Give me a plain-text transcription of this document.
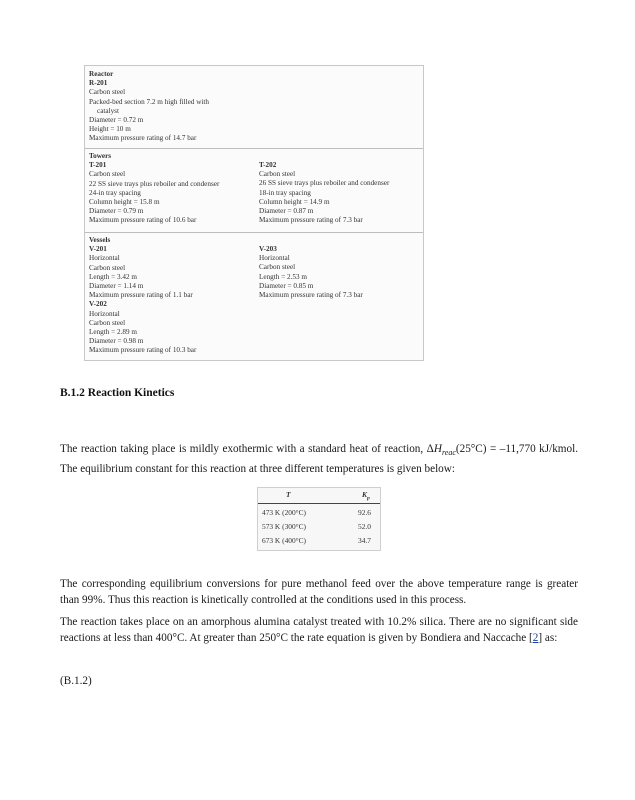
Reactor
R-201
Carbon steel
Packed-bed section 7.2 m high filled with
catalyst
Diameter = 0.72 m
Height = 10 m
Maximum pressure rating of 14.7 bar
Towers
T-201
Carbon steel
22 SS sieve trays plus reboiler and condenser
24-in tray spacing
Column height = 15.8 m
Diameter = 0.79 m
Maximum pressure rating of 10.6 bar
T-202
Carbon steel
26 SS sieve trays plus reboiler and condenser
18-in tray spacing
Column height = 14.9 m
Diameter = 0.87 m
Maximum pressure rating of 7.3 bar
Vessels
V-201
Horizontal
Carbon steel
Length = 3.42 m
Diameter = 1.14 m
Maximum pressure rating of 1.1 bar
V-202
Horizontal
Carbon steel
Length = 2.89 m
Diameter = 0.98 m
Maximum pressure rating of 10.3 bar
V-203
Horizontal
Carbon steel
Length = 2.53 m
Diameter = 0.85 m
Maximum pressure rating of 7.3 bar
B.1.2 Reaction Kinetics
The reaction taking place is mildly exothermic with a standard heat of reaction, $\Delta H_{reac}(25^\circ C) = -11,770$ kJ/kmol. The equilibrium constant for this reaction at three different temperatures is given below:
T	$K_p$
473 K (200°C)	92.6
573 K (300°C)	52.0
673 K (400°C)	34.7
The corresponding equilibrium conversions for pure methanol feed over the above temperature range is greater than 99%. Thus this reaction is kinetically controlled at the conditions used in this process.
The reaction takes place on an amorphous alumina catalyst treated with 10.2% silica. There are no significant side reactions at less than 400°C. At greater than 250°C the rate equation is given by Bondiera and Naccache [2] as:
(B.1.2)
